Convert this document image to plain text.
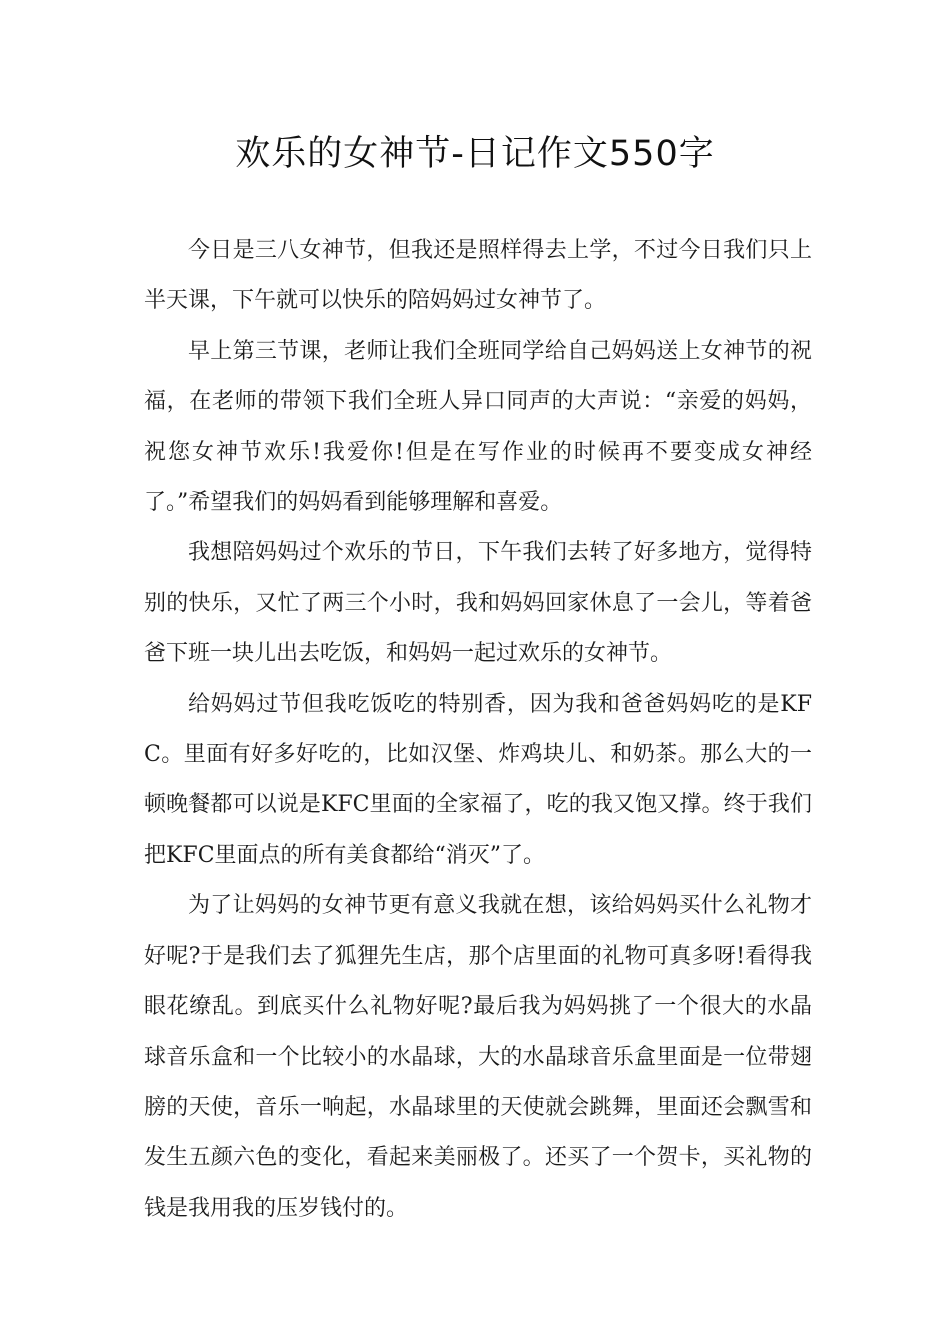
欢乐的女神节-日记作文550字

今日是三八女神节，但我还是照样得去上学，不过今日我们只上半天课，下午就可以快乐的陪妈妈过女神节了。

早上第三节课，老师让我们全班同学给自己妈妈送上女神节的祝福，在老师的带领下我们全班人异口同声的大声说：“亲爱的妈妈，祝您女神节欢乐!我爱你!但是在写作业的时候再不要变成女神经了。”希望我们的妈妈看到能够理解和喜爱。

我想陪妈妈过个欢乐的节日，下午我们去转了好多地方，觉得特别的快乐，又忙了两三个小时，我和妈妈回家休息了一会儿，等着爸爸下班一块儿出去吃饭，和妈妈一起过欢乐的女神节。

给妈妈过节但我吃饭吃的特别香，因为我和爸爸妈妈吃的是KFC。里面有好多好吃的，比如汉堡、炸鸡块儿、和奶茶。那么大的一顿晚餐都可以说是KFC里面的全家福了，吃的我又饱又撑。终于我们把KFC里面点的所有美食都给“消灭”了。

为了让妈妈的女神节更有意义我就在想，该给妈妈买什么礼物才好呢?于是我们去了狐狸先生店，那个店里面的礼物可真多呀!看得我眼花缭乱。到底买什么礼物好呢?最后我为妈妈挑了一个很大的水晶球音乐盒和一个比较小的水晶球，大的水晶球音乐盒里面是一位带翅膀的天使，音乐一响起，水晶球里的天使就会跳舞，里面还会飘雪和发生五颜六色的变化，看起来美丽极了。还买了一个贺卡，买礼物的钱是我用我的压岁钱付的。
